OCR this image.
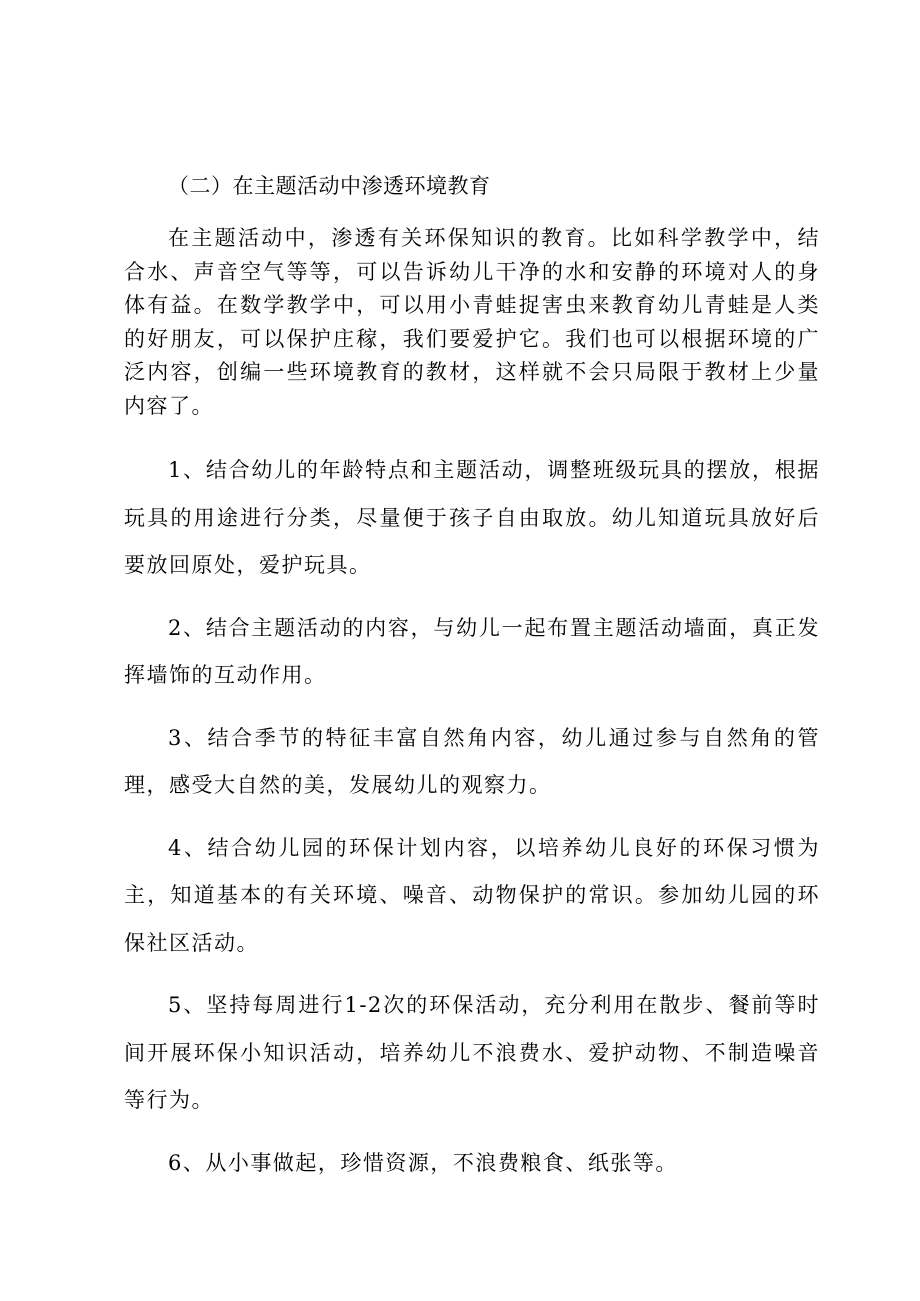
（二）在主题活动中渗透环境教育

在主题活动中，渗透有关环保知识的教育。比如科学教学中，结合水、声音空气等等，可以告诉幼儿干净的水和安静的环境对人的身体有益。在数学教学中，可以用小青蛙捉害虫来教育幼儿青蛙是人类的好朋友，可以保护庄稼，我们要爱护它。我们也可以根据环境的广泛内容，创编一些环境教育的教材，这样就不会只局限于教材上少量内容了。

1、结合幼儿的年龄特点和主题活动，调整班级玩具的摆放，根据玩具的用途进行分类，尽量便于孩子自由取放。幼儿知道玩具放好后要放回原处，爱护玩具。

2、结合主题活动的内容，与幼儿一起布置主题活动墙面，真正发挥墙饰的互动作用。

3、结合季节的特征丰富自然角内容，幼儿通过参与自然角的管理，感受大自然的美，发展幼儿的观察力。

4、结合幼儿园的环保计划内容，以培养幼儿良好的环保习惯为主，知道基本的有关环境、噪音、动物保护的常识。参加幼儿园的环保社区活动。

5、坚持每周进行1-2次的环保活动，充分利用在散步、餐前等时间开展环保小知识活动，培养幼儿不浪费水、爱护动物、不制造噪音等行为。

6、从小事做起，珍惜资源，不浪费粮食、纸张等。
